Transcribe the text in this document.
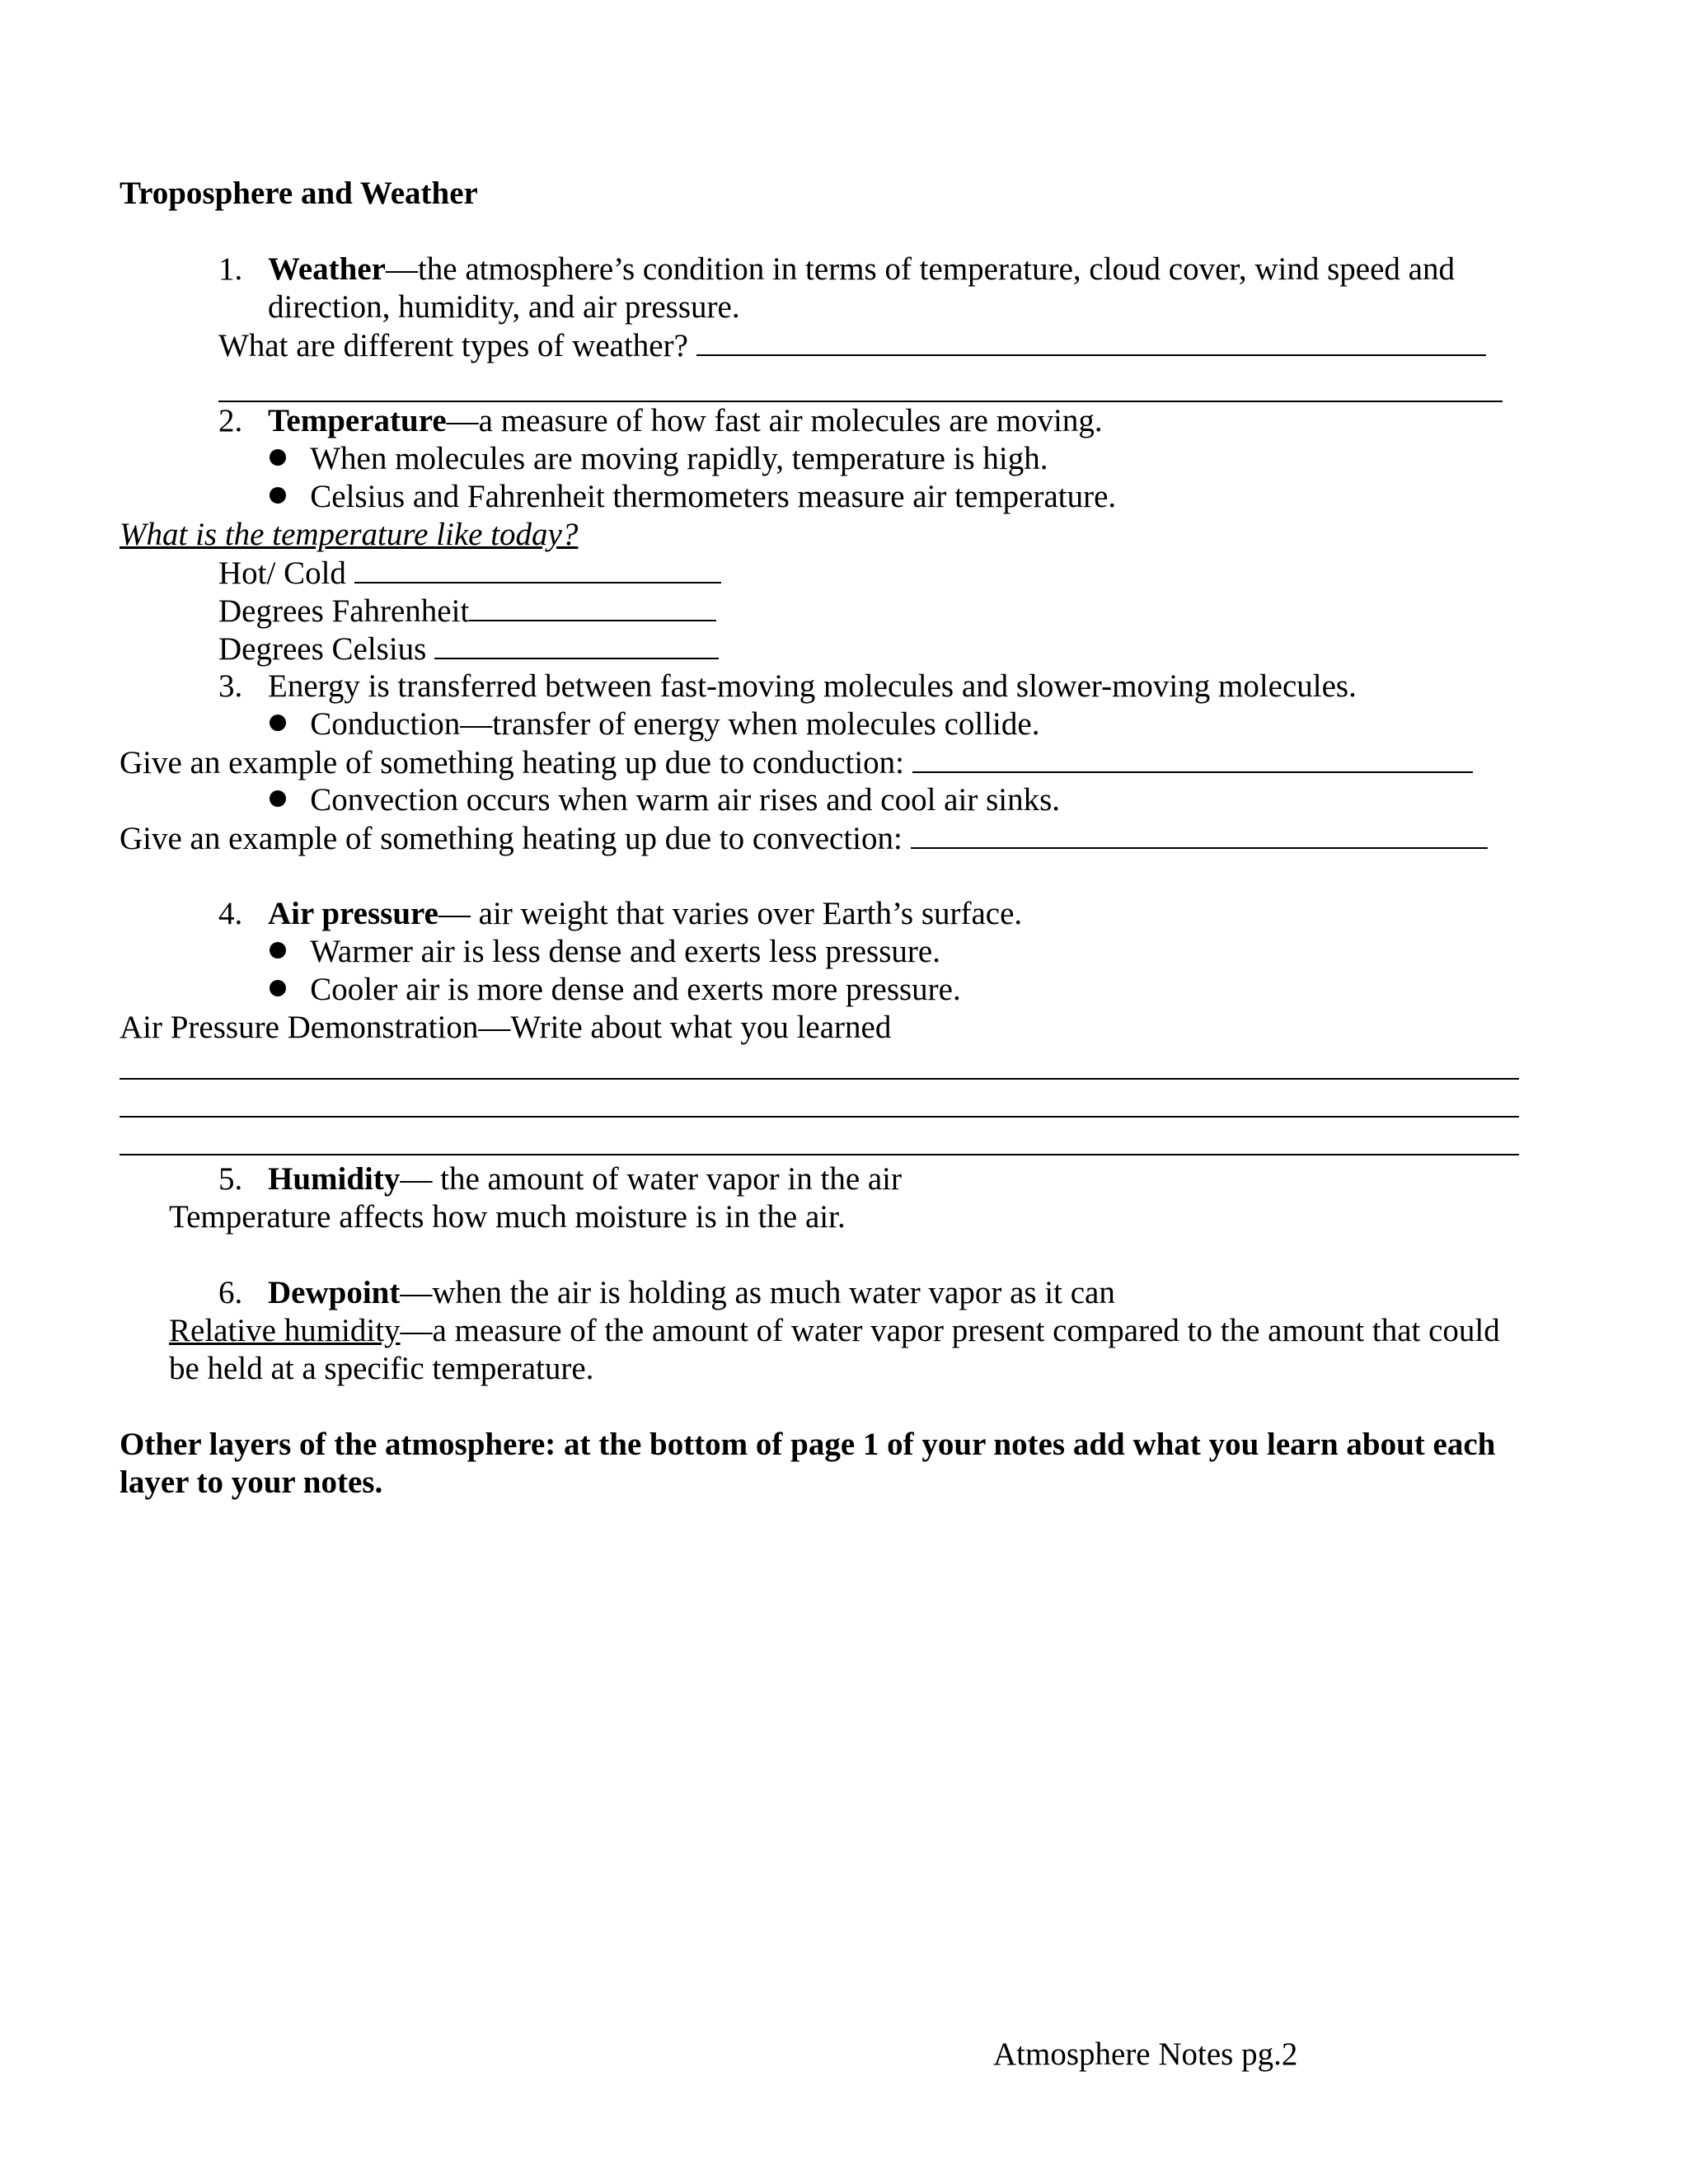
Troposphere and Weather
1. Weather—the atmosphere’s condition in terms of temperature, cloud cover, wind speed and
direction, humidity, and air pressure.
What are different types of weather?
2. Temperature—a measure of how fast air molecules are moving.
When molecules are moving rapidly, temperature is high.
Celsius and Fahrenheit thermometers measure air temperature.
What is the temperature like today?
Hot/ Cold
Degrees Fahrenheit
Degrees Celsius
3. Energy is transferred between fast-moving molecules and slower-moving molecules.
Conduction—transfer of energy when molecules collide.
Give an example of something heating up due to conduction:
Convection occurs when warm air rises and cool air sinks.
Give an example of something heating up due to convection:
4. Air pressure— air weight that varies over Earth’s surface.
Warmer air is less dense and exerts less pressure.
Cooler air is more dense and exerts more pressure.
Air Pressure Demonstration—Write about what you learned
5. Humidity— the amount of water vapor in the air
Temperature affects how much moisture is in the air.
6. Dewpoint—when the air is holding as much water vapor as it can
Relative humidity—a measure of the amount of water vapor present compared to the amount that could
be held at a specific temperature.
Other layers of the atmosphere: at the bottom of page 1 of your notes add what you learn about each
layer to your notes.
Atmosphere Notes pg.2
